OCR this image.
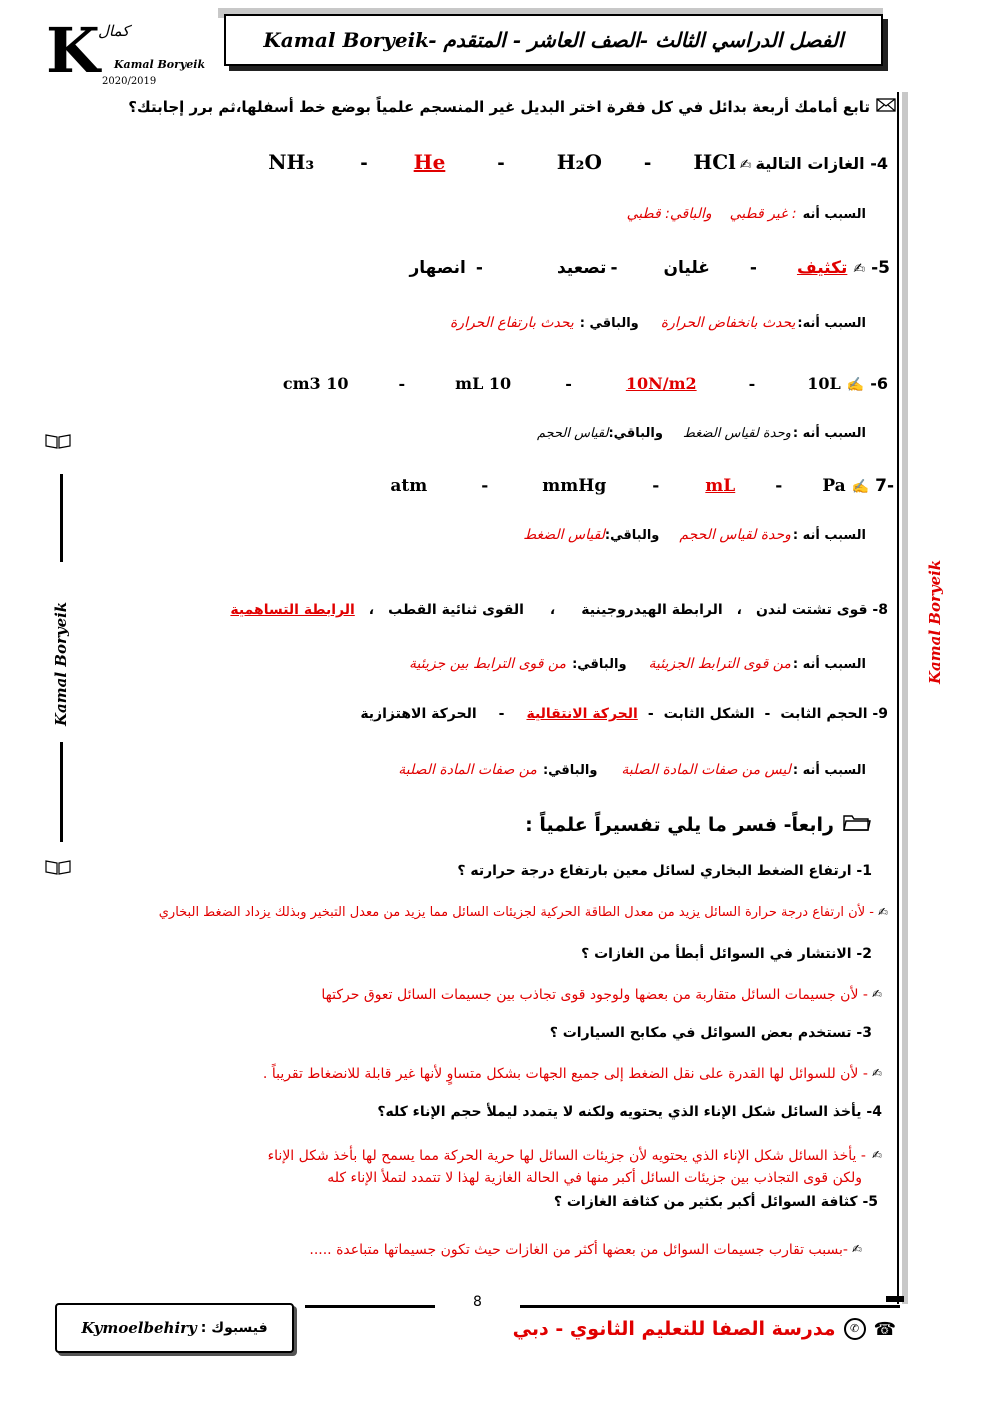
K
كمال
Kamal Boryeik
2020/2019
Kamal Boryeik- الفصل الدراسي الثالث -الصف العاشر - المتقدم
Kamal Boryeik
Kamal Boryeik
تابع أمامك أربعة بدائل في كل فقرة اختر البديل غير المنسجم علمياً بوضع خط أسفلها،ثم برر إجابتك؟
4- الغازات التالية
✍
HCl
-
H₂O
-
He
-
NH₃
السبب أنه
: غير قطبي
والباقي: قطبي
5-
✍
تكثيف
-
غليان
-
تصعيد
-
انصهار
السبب أنه:
يحدث بانخفاض الحرارة
والباقي :
يحدث بارتفاع الحرارة
6-
✍
10L
-
10N/m2
-
10 mL
-
10 cm3
السبب أنه :
وحدة لقياس الضغط
والباقي:
لقياس الحجم
-7
✍
Pa
-
mL
-
mmHg
-
atm
السبب أنه :
وحدة لقياس الحجم
والباقي:
لقياس الضغط
8- قوى تشتت لندن
،
الرابطة الهيدروجينية
،
القوى ثنائية القطب
،
الرابطة التساهمية
السبب أنه :
من قوى الترابط الجزيئية
والباقي:
من قوى الترابط بين جزيئية
9- الحجم الثابت
-
الشكل الثابت
-
الحركة الانتقالية
-
الحركة الاهتزازية
السبب أنه :
ليس من صفات المادة الصلبة
والباقي:
من صفات المادة الصلبة
رابعاً- فسر ما يلي تفسيراً علمياً :
1- ارتفاع الضغط البخاري لسائل معين بارتفاع درجة حرارته ؟
✍
- لأن ارتفاع درجة حرارة السائل يزيد من معدل الطاقة الحركية لجزيئات السائل مما يزيد من معدل التبخير وبذلك يزداد الضغط البخاري
2- الانتشار في السوائل أبطأ من الغازات ؟
✍
- لأن جسيمات السائل متقاربة من بعضها ولوجود قوى تجاذب بين جسيمات السائل تعوق حركتها
3- تستخدم بعض السوائل في مكابح السيارات ؟
✍
- لأن للسوائل لها القدرة على نقل الضغط إلى جميع الجهات بشكل متساوٍ لأنها غير قابلة للانضغاط تقريباً .
4- يأخذ السائل شكل الإناء الذي يحتويه ولكنه لا يتمدد ليملأ حجم الإناء كله؟
✍
- يأخذ السائل شكل الإناء الذي يحتويه لأن جزيئات السائل لها حرية الحركة مما يسمح لها بأخذ شكل الإناء
ولكن قوى التجاذب بين جزيئات السائل أكبر منها في الحالة الغازية لهذا لا تتمدد لتملأ الإناء كله
5- كثافة السوائل أكبر بكثير من كثافة الغازات ؟
✍
-بسبب تقارب جسيمات السوائل من بعضها أكثر من الغازات حيث تكون جسيماتها متباعدة .....
8
☎
✆
مدرسة الصفا للتعليم الثانوي - دبي
فيسبوك :
Kymoelbehiry
